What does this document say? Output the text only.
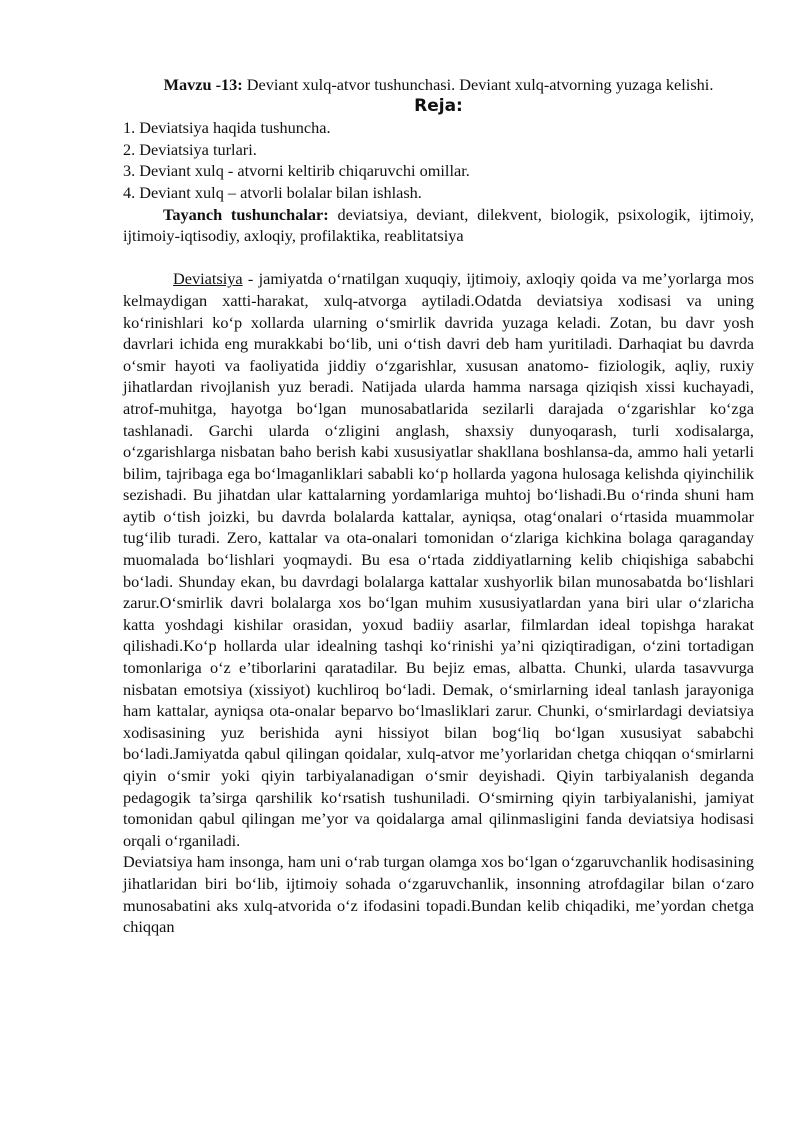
Mavzu -13: Deviant xulq-atvor tushunchasi. Deviant xulq-atvorning yuzaga kelishi.

Reja:

1. Deviatsiya haqida tushuncha.
2. Deviatsiya turlari.
3. Deviant xulq - atvorni keltirib chiqaruvchi omillar.
4. Deviant xulq – atvorli bolalar bilan ishlash.

Tayanch tushunchalar: deviatsiya, deviant, dilekvent, biologik, psixologik, ijtimoiy, ijtimoiy-iqtisodiy, axloqiy, profilaktika, reablitatsiya

Deviatsiya - jamiyatda o‘rnatilgan xuquqiy, ijtimoiy, axloqiy qoida va me’yorlarga mos kelmaydigan xatti-harakat, xulq-atvorga aytiladi.Odatda deviatsiya xodisasi va uning ko‘rinishlari ko‘p xollarda ularning o‘smirlik davrida yuzaga keladi. Zotan, bu davr yosh davrlari ichida eng murakkabi bo‘lib, uni o‘tish davri deb ham yuritiladi. Darhaqiat bu davrda o‘smir hayoti va faoliyatida jiddiy o‘zgarishlar, xususan anatomo- fiziologik, aqliy, ruxiy jihatlardan rivojlanish yuz beradi. Natijada ularda hamma narsaga qiziqish xissi kuchayadi, atrof-muhitga, hayotga bo‘lgan munosabatlarida sezilarli darajada o‘zgarishlar ko‘zga tashlanadi. Garchi ularda o‘zligini anglash, shaxsiy dunyoqarash, turli xodisalarga, o‘zgarishlarga nisbatan baho berish kabi xususiyatlar shakllana boshlansa-da, ammo hali yetarli bilim, tajribaga ega bo‘lmaganliklari sababli ko‘p hollarda yagona hulosaga kelishda qiyinchilik sezishadi. Bu jihatdan ular kattalarning yordamlariga muhtoj bo‘lishadi.Bu o‘rinda shuni ham aytib o‘tish joizki, bu davrda bolalarda kattalar, ayniqsa, otag‘onalari o‘rtasida muammolar tug‘ilib turadi. Zero, kattalar va ota-onalari tomonidan o‘zlariga kichkina bolaga qaraganday muomalada bo‘lishlari yoqmaydi. Bu esa o‘rtada ziddiyatlarning kelib chiqishiga sababchi bo‘ladi. Shunday ekan, bu davrdagi bolalarga kattalar xushyorlik bilan munosabatda bo‘lishlari zarur.O‘smirlik davri bolalarga xos bo‘lgan muhim xususiyatlardan yana biri ular o‘zlaricha katta yoshdagi kishilar orasidan, yoxud badiiy asarlar, filmlardan ideal topishga harakat qilishadi.Ko‘p hollarda ular idealning tashqi ko‘rinishi ya’ni qiziqtiradigan, o‘zini tortadigan tomonlariga o‘z e’tiborlarini qaratadilar. Bu bejiz emas, albatta. Chunki, ularda tasavvurga nisbatan emotsiya (xissiyot) kuchliroq bo‘ladi. Demak, o‘smirlarning ideal tanlash jarayoniga ham kattalar, ayniqsa ota-onalar beparvo bo‘lmasliklari zarur. Chunki, o‘smirlardagi deviatsiya xodisasining yuz berishida ayni hissiyot bilan bog‘liq bo‘lgan xususiyat sababchi bo‘ladi.Jamiyatda qabul qilingan qoidalar, xulq-atvor me’yorlaridan chetga chiqqan o‘smirlarni qiyin o‘smir yoki qiyin tarbiyalanadigan o‘smir deyishadi. Qiyin tarbiyalanish deganda pedagogik ta’sirga qarshilik ko‘rsatish tushuniladi. O‘smirning qiyin tarbiyalanishi, jamiyat tomonidan qabul qilingan me’yor va qoidalarga amal qilinmasligini fanda deviatsiya hodisasi orqali o‘rganiladi.

Deviatsiya ham insonga, ham uni o‘rab turgan olamga xos bo‘lgan o‘zgaruvchanlik hodisasining jihatlaridan biri bo‘lib, ijtimoiy sohada o‘zgaruvchanlik, insonning atrofdagilar bilan o‘zaro munosabatini aks xulq-atvorida o‘z ifodasini topadi.Bundan kelib chiqadiki, me’yordan chetga chiqqan
